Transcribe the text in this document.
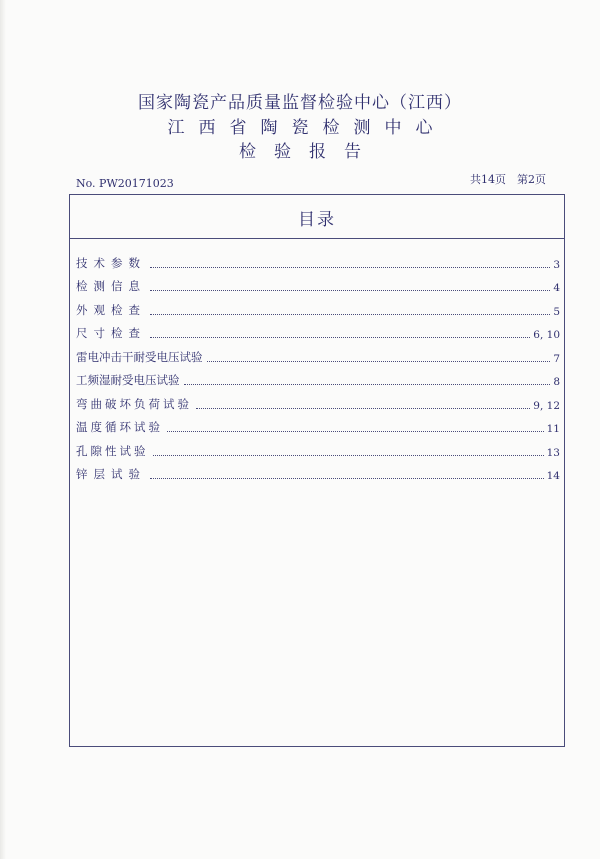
国家陶瓷产品质量监督检验中心（江西）
江西省陶瓷检测中心
检验报告
No. PW20171023	共14页　第2页
目录
技术参数	3
检测信息	4
外观检查	5
尺寸检查	6, 10
雷电冲击干耐受电压试验	7
工频湿耐受电压试验	8
弯曲破坏负荷试验	9, 12
温度循环试验	11
孔隙性试验	13
锌层试验	14
